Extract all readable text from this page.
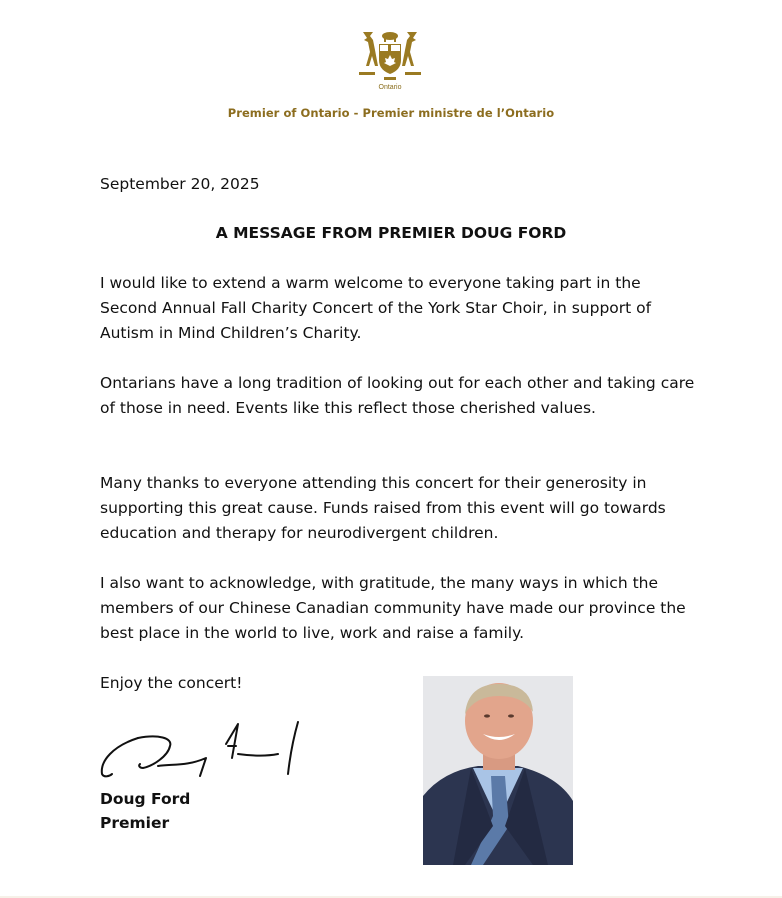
Ontario
Premier of Ontario - Premier ministre de l’Ontario
September 20, 2025
A MESSAGE FROM PREMIER DOUG FORD

I would like to extend a warm welcome to everyone taking part in the Second Annual Fall Charity Concert of the York Star Choir, in support of Autism in Mind Children’s Charity.

Ontarians have a long tradition of looking out for each other and taking care of those in need. Events like this reflect those cherished values.

Many thanks to everyone attending this concert for their generosity in supporting this great cause. Funds raised from this event will go towards education and therapy for neurodivergent children.

I also want to acknowledge, with gratitude, the many ways in which the members of our Chinese Canadian community have made our province the best place in the world to live, work and raise a family.

Enjoy the concert!

Doug Ford
Premier
